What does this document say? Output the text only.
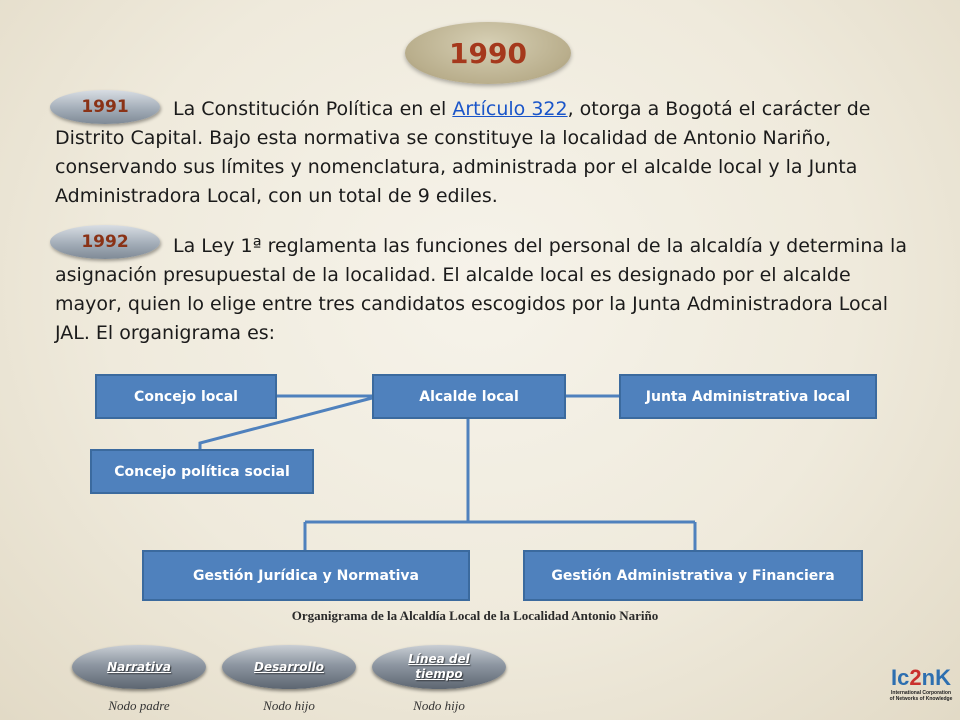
1990
1991	La Constitución Política en el Artículo 322, otorga a Bogotá el carácter de Distrito Capital. Bajo esta normativa se constituye la localidad de Antonio Nariño, conservando sus límites y nomenclatura, administrada por el alcalde local y la Junta Administradora Local, con un total de 9 ediles.
1992	La Ley 1ª reglamenta las funciones del personal de la alcaldía y determina la asignación presupuestal de la localidad. El alcalde local es designado por el alcalde mayor, quien lo elige entre tres candidatos escogidos por la Junta Administradora Local JAL. El organigrama es:
Concejo local	Alcalde local	Junta Administrativa local
Concejo política social
Gestión Jurídica y Normativa	Gestión Administrativa y Financiera
Organigrama de la Alcaldía Local de la Localidad Antonio Nariño
Narrativa	Desarrollo
Línea del tiempo
Nodo padre	Nodo hijo	Nodo hijo
Ic2nK
International Corporation
of Networks of Knowledge
